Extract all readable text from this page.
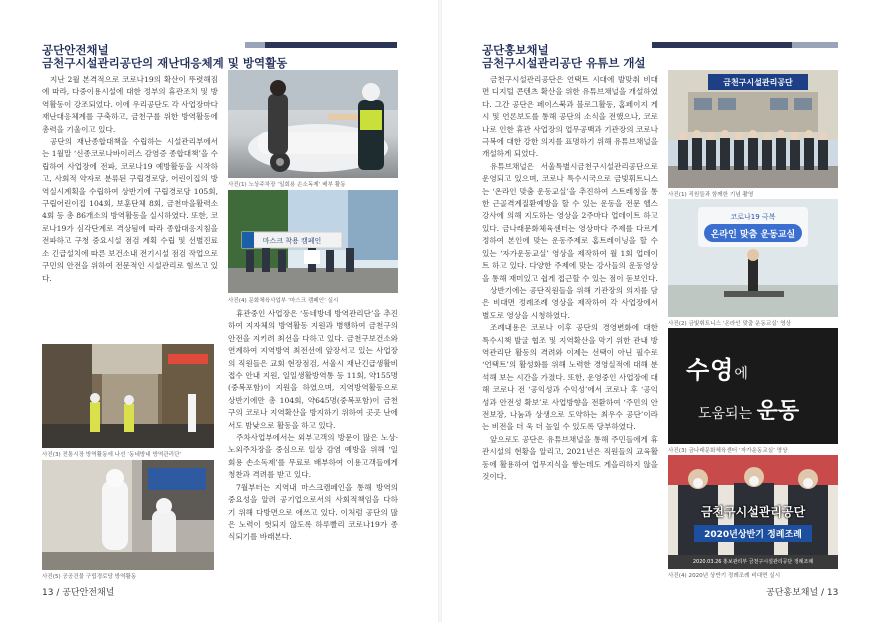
공단안전채널
금천구시설관리공단의 재난대응체계 및 방역활동

지난 2월 본격적으로 코로나19의 확산이 뚜렷해짐에 따라, 다중이용시설에 대한 정부의 휴관조치 및 방역활동이 강조되었다. 이에 우리공단도 각 사업장마다 재난대응체계를 구축하고, 금천구를 위한 방역활동에 총력을 기울이고 있다.

공단의 재난종합대책을 수립하는 시설관리부에서는 1월말 ‘신종코로나바이러스 감염증 종합대책’을 수립하여 사업장에 전파, 코로나19 예방활동을 시작하고, 사회적 약자로 분류된 구립경로당, 어린이집의 방역실시계획을 수립하여 상반기에 구립경로당 105회, 구립어린이집 104회, 보훈단체 8회, 금천마을활력소 4회 등 총 86개소의 방역활동을 실시하였다. 또한, 코로나19가 심각단계로 격상됨에 따라 종합대응지침을 전파하고 구청 중요시설 점검 계획 수립 및 선별진료소 긴급설치에 따른 보건소내 전기시설 점검 작업으로 구민의 안전을 위하여 전문적인 시설관리로 힘쓰고 있다.

사진(1) 노상주차장 ‘일회용 손소독제’ 배부 활동
마스크 착용 캠페인
사진(4) 문화체육사업부 ‘마스크 캠페인’ 실시

휴관중인 사업장은 ‘동네방네 방역관리단’을 추진하여 지자체의 방역활동 지원과 병행하여 금천구의 안전을 지키려 최선을 다하고 있다. 금천구보건소와 연계하여 지역방역 최전선에 앞장서고 있는 사업장의 직원들은 교회 현장점검, 서울시 재난긴급생활비 접수 안내 지원, 일일생활방역통 등 11회, 약155명(중복포함)이 지원을 하였으며, 지역방역활동으로 상반기에만 총 104회, 약645명(중복포함)이 금천구의 코로나 지역확산을 방지하기 위하여 곳곳 난에서도 밤낮으로 활동을 하고 있다.

주차사업부에서는 외부고객의 방문이 많은 노상·노외주차장을 중심으로 일상 감염 예방을 위해 ‘일회용 손소독제’를 무료로 배부하여 이용고객들에게 청찬과 격려를 받고 있다.

7월부터는 지역내 마스크캠페인을 통해 방역의 중요성을 알려 공기업으로서의 사회적책임을 다하기 위해 다방면으로 애쓰고 있다. 이처럼 공단의 많은 노력이 헛되지 않도록 하루빨리 코로나19가 종식되기를 바래본다.

사진(3) 전통시장 방역활동에 나선 ‘동네방네 방역관리단’
사진(5) 공공건물 구립경로당 방역활동
13 / 공단안전채널
공단홍보채널
금천구시설관리공단 유튜브 개설

금천구시설관리공단은 언택트 시대에 발맞춰 비대면 디지털 콘텐츠 확산을 위한 유튜브채널을 개설하였다. 그간 공단은 페이스북과 블로그활동, 홈페이지 게시 및 언론보도를 통해 공단의 소식을 전했으나, 코로나로 인한 휴관 사업장의 업무공백과 기관장의 코로나 극복에 대한 강한 의지를 표명하기 위해 유튜브채널을 개설하게 되었다.

유튜브채널은 서울특별시금천구시설관리공단으로 운영되고 있으며, 코로나 특수시국으로 금빛휘트니스는 ‘온라인 맞춤 운동교실’을 추진하여 스트레칭을 통한 근골격계질환예방을 할 수 있는 운동을 전문 헬스강사에 의해 지도하는 영상을 2주마다 업데이트 하고 있다. 금나래문화체육센터는 영상마다 주제를 다르게 정하여 본인에 맞는 운동주제로 홈트레이닝을 할 수 있는 ‘자가운동교실’ 영상을 제작하여 월 1회 업데이트 하고 있다. 다양한 주제에 맞는 강사들의 운동영상을 통해 재미있고 쉽게 접근할 수 있는 점이 돋보인다.

상반기에는 공단직원들을 위해 기관장의 의지를 담은 비대면 정례조례 영상을 제작하여 각 사업장에서 별도로 영상을 시청하였다.

조례내용은 코로나 이후 공단의 경영변화에 대한 특수시책 발굴 협조 및 지역확산을 막기 위한 관내 방역관리단 활동의 격려와 이제는 선택이 아닌 필수로 ‘언택트’의 활성화를 위해 노력한 경영실적에 대해 분석해 보는 시간을 가졌다. 또한, 운영중인 사업장에 대해 코로나 전 ‘공익성과 수익성’에서 코로나 후 ‘공익성과 안전성 확보’로 사업방향을 전환하여 ‘주민의 안전보장, 나눔과 상생으로 도약하는 최우수 공단’이라는 비전을 더 욱 더 높일 수 있도록 당부하였다.

앞으로도 공단은 유튜브채널을 통해 주민들에게 휴관시설의 현황을 알리고, 2021년은 직원들의 교육활동에 활용하여 업무지식을 쌓는데도 게을리하지 않을 것이다.

금천구시설관리공단
사진(1) 직원들과 함께한 기념 촬영
코로나19 극복
온라인 맞춤 운동교실
사진(2) 금빛휘트니스 ‘온라인 맞춤 운동교실’ 영상
수영에
도움되는 운동
사진(3) 금나래문화체육센터 ‘자가운동교실’ 영상
금천구시설관리공단
2020년상반기 정례조례
2020.03.26 홍보관리부 금천구시설관리공단 정례조례
사진(4) 2020년 상반기 정례조례 비대면 실시
공단홍보채널 / 13
